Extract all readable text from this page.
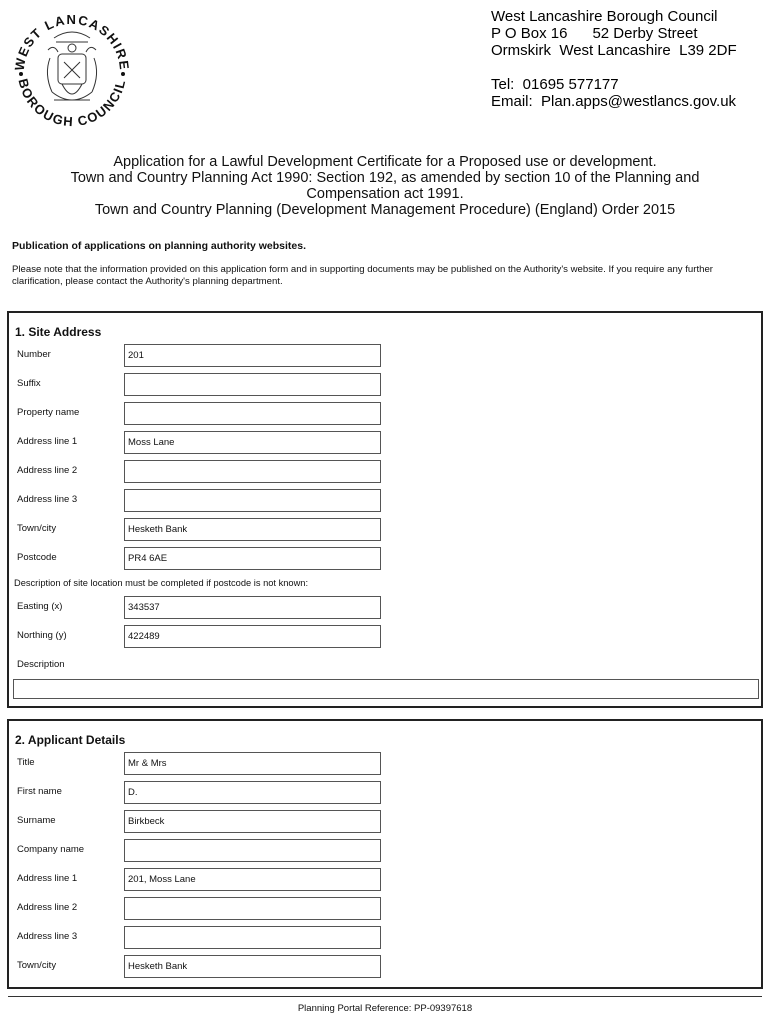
WEST LANCASHIRE
BOROUGH COUNCIL
West Lancashire Borough Council
P O Box 16      52 Derby Street
Ormskirk  West Lancashire  L39 2DF
Tel:  01695 577177
Email:  Plan.apps@westlancs.gov.uk
Application for a Lawful Development Certificate for a Proposed use or development.
Town and Country Planning Act 1990: Section 192, as amended by section 10 of the Planning and
Compensation act 1991.
Town and Country Planning (Development Management Procedure) (England) Order 2015
Publication of applications on planning authority websites.
Please note that the information provided on this application form and in supporting documents may be published on the Authority's website. If you require any further clarification, please contact the Authority's planning department.
1. Site Address
Number	201
Suffix
Property name
Address line 1	Moss Lane
Address line 2
Address line 3
Town/city	Hesketh Bank
Postcode	PR4 6AE
Description of site location must be completed if postcode is not known:
Easting (x)	343537
Northing (y)	422489
Description
2. Applicant Details
Title	Mr & Mrs
First name	D.
Surname	Birkbeck
Company name
Address line 1	201, Moss Lane
Address line 2
Address line 3
Town/city	Hesketh Bank
Planning Portal Reference: PP-09397618
